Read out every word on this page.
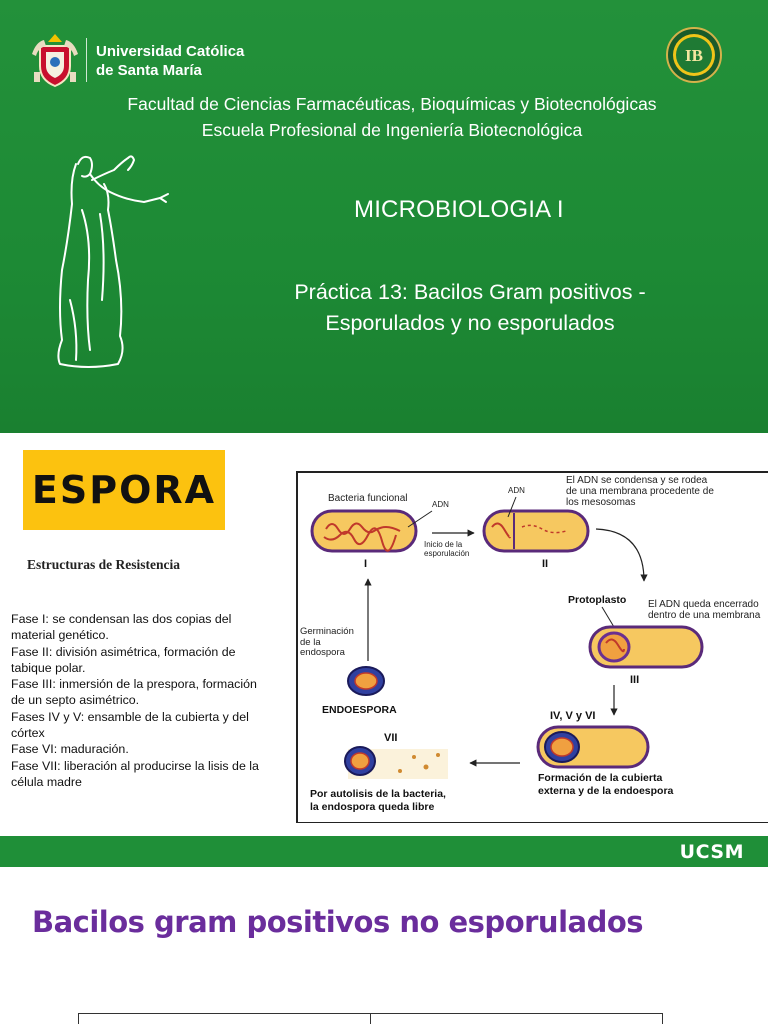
Universidad Católica
de Santa María
IB
Facultad de Ciencias Farmacéuticas, Bioquímicas y Biotecnológicas
Escuela Profesional de Ingeniería Biotecnológica
MICROBIOLOGIA I
Práctica 13: Bacilos Gram positivos -
Esporulados y no esporulados
ESPORA
Estructuras de Resistencia

Fase I: se condensan las dos copias del material genético.

Fase II: división asimétrica, formación de tabique polar.

Fase III: inmersión de la prespora, formación de un septo asimétrico.

Fases IV y V: ensamble de la cubierta y del córtex

Fase VI: maduración.

Fase VII: liberación al producirse la lisis de la célula madre

Bacteria funcional
ADN
I
Inicio de la esporulación
ADN
II
El ADN se condensa y se rodea de una membrana procedente de los mesosomas
Protoplasto El ADN queda encerrado dentro de una membrana
III
IV, V y VI
Formación de la cubierta
externa y de la endoespora
VII
Por autolisis de la bacteria,
la endospora queda libre
ENDOESPORA
Germinación de la endospora
UCSM
Bacilos gram positivos no esporulados
